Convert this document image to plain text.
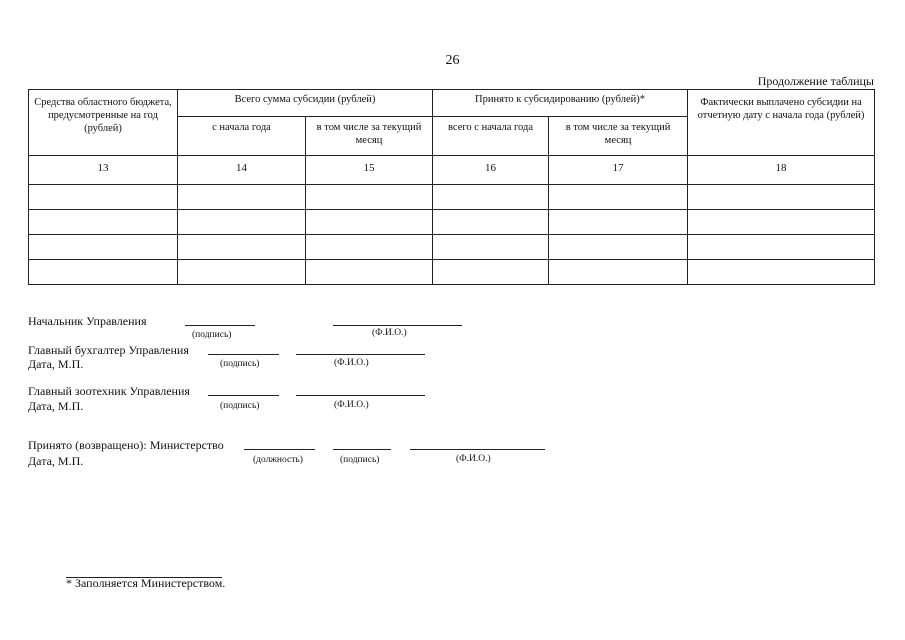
26
Продолжение таблицы
Средства областного бюджета, предусмотренные на год (рублей)	Всего сумма субсидии (рублей)		Принято к субсидированию (рублей)*		Фактически выплачено субсидии на отчетную дату с начала года (рублей)
	с начала года	в том числе за текущий месяц	всего с начала года	в том числе за текущий месяц	
13	14	15	16	17	18

Начальник Управления
(подпись)	(Ф.И.О.)
Главный бухгалтер Управления
Дата, М.П.	(подпись)	(Ф.И.О.)
Главный зоотехник Управления
Дата, М.П.	(подпись)	(Ф.И.О.)
Принято (возвращено): Министерство
Дата, М.П.	(должность)	(подпись)	(Ф.И.О.)
* Заполняется Министерством.
